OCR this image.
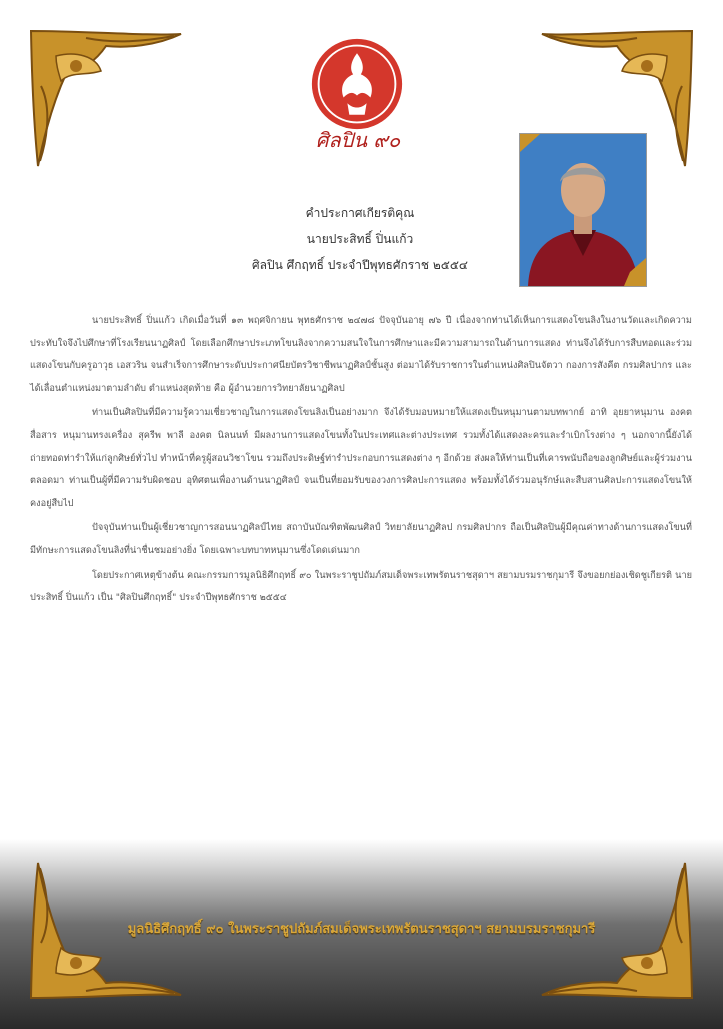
ศิลปิน ๙๐
คำประกาศเกียรติคุณ
นายประสิทธิ์ ปิ่นแก้ว
ศิลปิน ศึกฤทธิ์ ประจำปีพุทธศักราช ๒๕๕๔

นายประสิทธิ์ ปิ่นแก้ว เกิดเมื่อวันที่ ๑๓ พฤศจิกายน พุทธศักราช ๒๔๗๘ ปัจจุบันอายุ ๗๖ ปี เนื่องจากท่านได้เห็นการแสดงโขนลิงในงานวัดและเกิดความประทับใจจึงไปศึกษาที่โรงเรียนนาฏศิลป์ โดยเลือกศึกษาประเภทโขนลิงจากความสนใจในการศึกษาและมีความสามารถในด้านการแสดง ท่านจึงได้รับการสืบทอดและร่วมแสดงโขนกับครูอาวุธ เอสวริน จนสำเร็จการศึกษาระดับประกาศนียบัตรวิชาชีพนาฏศิลป์ชั้นสูง ต่อมาได้รับราชการในตำแหน่งศิลปินจัตวา กองการสังคีต กรมศิลปากร และได้เลื่อนตำแหน่งมาตามลำดับ ตำแหน่งสุดท้าย คือ ผู้อำนวยการวิทยาลัยนาฏศิลป

ท่านเป็นศิลปินที่มีความรู้ความเชี่ยวชาญในการแสดงโขนลิงเป็นอย่างมาก จึงได้รับมอบหมายให้แสดงเป็นหนุมานตามบทพากย์ อาทิ อุยยาหนุมาน องคตสื่อสาร หนุมานทรงเครื่อง สุครีพ พาลี องคต นิลนนท์ มีผลงานการแสดงโขนทั้งในประเทศและต่างประเทศ รวมทั้งได้แสดงละครและรำเบิกโรงต่าง ๆ นอกจากนี้ยังได้ถ่ายทอดท่ารำให้แก่ลูกศิษย์ทั่วไป ทำหน้าที่ครูผู้สอนวิชาโขน รวมถึงประดิษฐ์ท่ารำประกอบการแสดงต่าง ๆ อีกด้วย ส่งผลให้ท่านเป็นที่เคารพนับถือของลูกศิษย์และผู้ร่วมงานตลอดมา ท่านเป็นผู้ที่มีความรับผิดชอบ อุทิศตนเพื่องานด้านนาฏศิลป์ จนเป็นที่ยอมรับของวงการศิลปะการแสดง พร้อมทั้งได้ร่วมอนุรักษ์และสืบสานศิลปะการแสดงโขนให้คงอยู่สืบไป

ปัจจุบันท่านเป็นผู้เชี่ยวชาญการสอนนาฏศิลป์ไทย สถาบันบัณฑิตพัฒนศิลป์ วิทยาลัยนาฏศิลป กรมศิลปากร ถือเป็นศิลปินผู้มีคุณค่าทางด้านการแสดงโขนที่มีทักษะการแสดงโขนลิงที่น่าชื่นชมอย่างยิ่ง โดยเฉพาะบทบาทหนุมานซึ่งโดดเด่นมาก

โดยประกาศเหตุข้างต้น คณะกรรมการมูลนิธิศึกฤทธิ์ ๙๐ ในพระราชูปถัมภ์สมเด็จพระเทพรัตนราชสุดาฯ สยามบรมราชกุมารี จึงขอยกย่องเชิดชูเกียรติ นายประสิทธิ์ ปิ่นแก้ว เป็น "ศิลปินศึกฤทธิ์" ประจำปีพุทธศักราช ๒๕๕๔

มูลนิธิศึกฤทธิ์ ๙๐ ในพระราชูปถัมภ์สมเด็จพระเทพรัตนราชสุดาฯ สยามบรมราชกุมารี
